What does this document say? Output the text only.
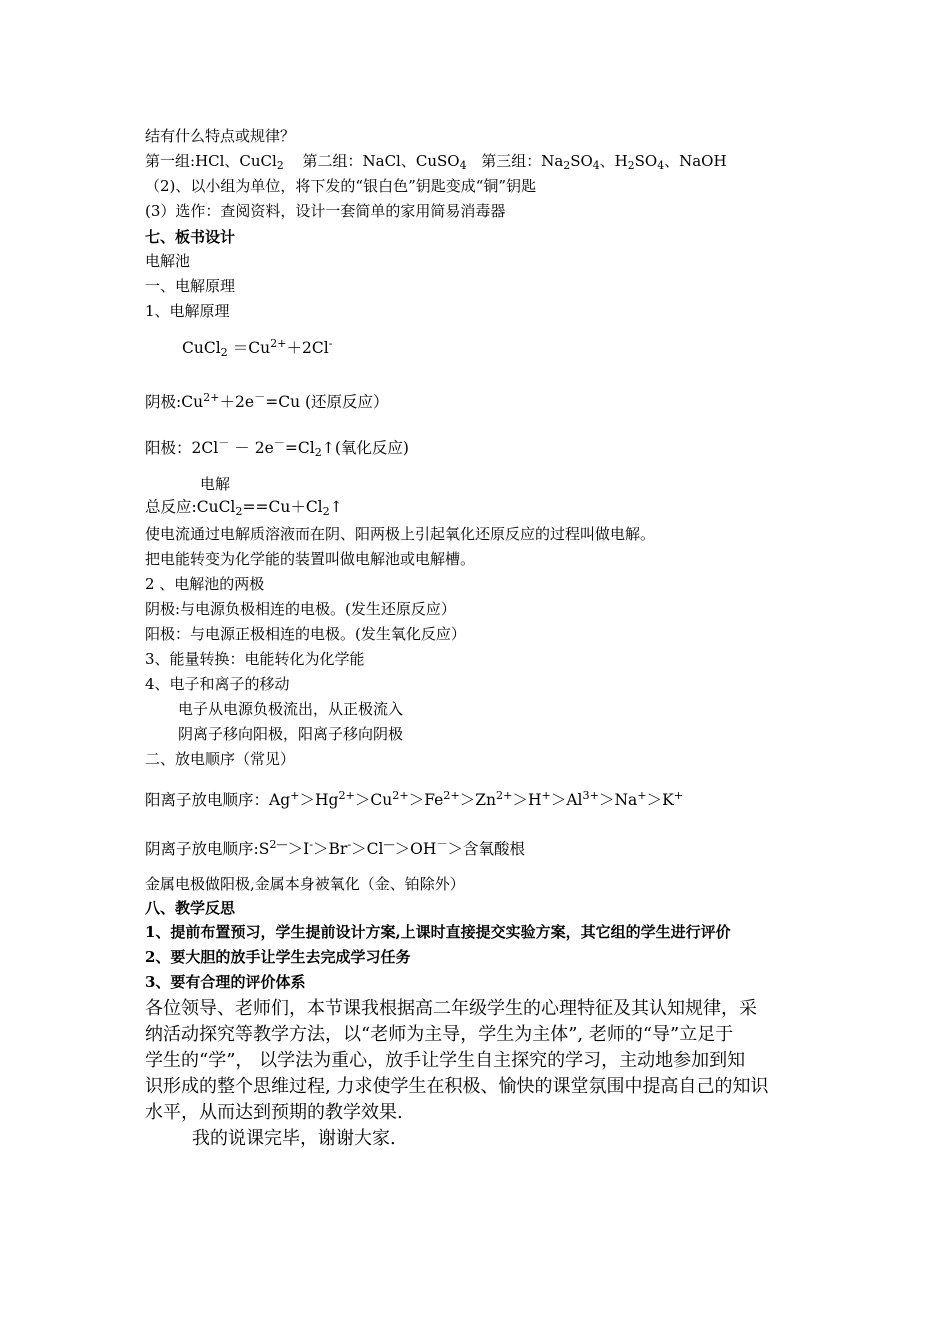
结有什么特点或规律？
第一组:HCl、CuCl$_2$ 第二组：NaCl、CuSO$_4$ 第三组：$Na_2SO_4$、$H_2SO_4$、NaOH
（2)、以小组为单位，将下发的“银白色”钥匙变成“铜”钥匙
(3）选作：查阅资料，设计一套简单的家用简易消毒器
七、板书设计
电解池
一、电解原理
1、电解原理
CuCl$_2$ $=Cu^{2+}+2Cl^-$
阴极$:Cu^{2+}+2e^-=Cu$ (还原反应）
阳极：$2Cl^- - 2e^-=Cl_2↑$(氧化反应)
电解
总反应$:CuCl_2==Cu+Cl_2↑$
使电流通过电解质溶液而在阴、阳两极上引起氧化还原反应的过程叫做电解。
把电能转变为化学能的装置叫做电解池或电解槽。
2 、电解池的两极
阴极:与电源负极相连的电极。(发生还原反应）
阳极：与电源正极相连的电极。(发生氧化反应）
3、能量转换：电能转化为化学能
4、电子和离子的移动
电子从电源负极流出，从正极流入
阴离子移向阳极，阳离子移向阴极
二、放电顺序（常见）
阳离子放电顺序：$Ag^+>Hg^{2+}>Cu^{2+}>Fe^{2+}>Zn^{2+}>H^+>Al^{3+}>Na^+>K^+$
阴离子放电顺序$:S^{2—}>I^->Br^->Cl^—>OH^->$含氧酸根
金属电极做阳极,金属本身被氧化（金、铂除外）
八、教学反思
1、提前布置预习，学生提前设计方案,上课时直接提交实验方案，其它组的学生进行评价
2、要大胆的放手让学生去完成学习任务
3、要有合理的评价体系
各位领导、老师们，本节课我根据高二年级学生的心理特征及其认知规律，采
纳活动探究等教学方法，以“老师为主导，学生为主体”, 老师的“导”立足于
学生的“学”， 以学法为重心，放手让学生自主探究的学习，主动地参加到知
识形成的整个思维过程, 力求使学生在积极、愉快的课堂氛围中提高自己的知识
水平，从而达到预期的教学效果.
我的说课完毕，谢谢大家.
